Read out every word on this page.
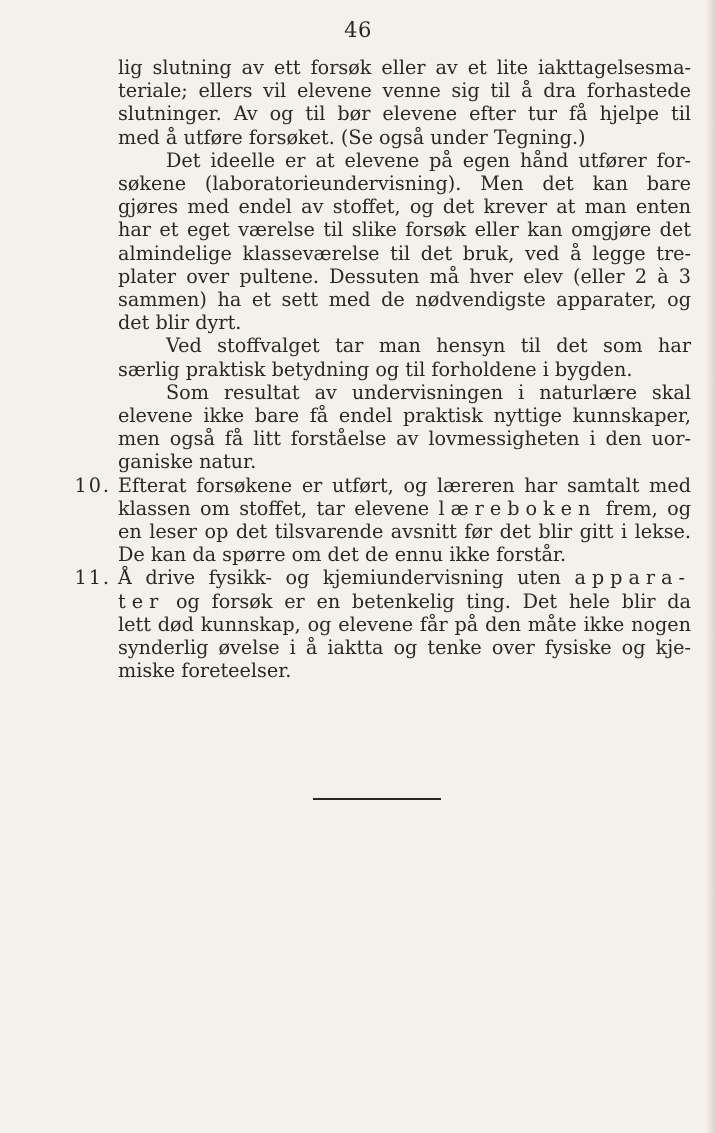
46

lig slutning av ett forsøk eller av et lite iakttagelsesma-
teriale; ellers vil elevene venne sig til å dra forhastede
slutninger. Av og til bør elevene efter tur få hjelpe til
med å utføre forsøket. (Se også under Tegning.)

Det ideelle er at elevene på egen hånd utfører for-
søkene (laboratorieundervisning). Men det kan bare
gjøres med endel av stoffet, og det krever at man enten
har et eget værelse til slike forsøk eller kan omgjøre det
almindelige klasseværelse til det bruk, ved å legge tre-
plater over pultene. Dessuten må hver elev (eller 2 à 3
sammen) ha et sett med de nødvendigste apparater, og
det blir dyrt.

Ved stoffvalget tar man hensyn til det som har
særlig praktisk betydning og til forholdene i bygden.

Som resultat av undervisningen i naturlære skal
elevene ikke bare få endel praktisk nyttige kunnskaper,
men også få litt forståelse av lovmessigheten i den uor-
ganiske natur.

10. Efterat forsøkene er utført, og læreren har samtalt med
klassen om stoffet, tar elevene læreboken frem, og
en leser op det tilsvarende avsnitt før det blir gitt i lekse.
De kan da spørre om det de ennu ikke forstår.

11. Å drive fysikk- og kjemiundervisning uten appara-
ter og forsøk er en betenkelig ting. Det hele blir da
lett død kunnskap, og elevene får på den måte ikke nogen
synderlig øvelse i å iaktta og tenke over fysiske og kje-
miske foreteelser.
